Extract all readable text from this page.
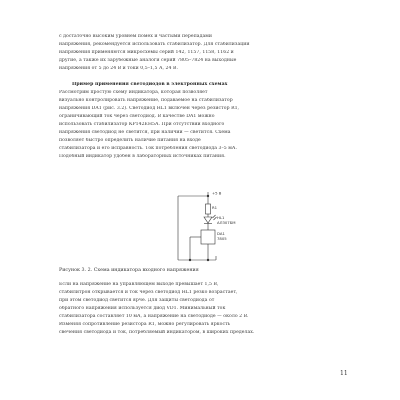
с достаточно высоким уровнем помех и частыми перепадами
напряжения, рекомендуется использовать стабилизатор. Для стабилизации
напряжения применяются микросхемы серий 142, 1157, 1158, 1162 и
другие, а также их зарубежные аналоги серий 7805–7824 на выходные
напряжения от 5 до 24 В и токи 0,5–1,5 А, 24 В.
Пример применения светодиодов в электронных схемах
Рассмотрим простую схему индикатора, которая позволяет
визуально контролировать напряжение, подаваемое на стабилизатор
напряжения DA1 (рис. 3.2). Светодиод HL1 включён через резистор R1,
ограничивающий ток через светодиод. В качестве DA1 можно
использовать стабилизатор КР142ЕН5А. При отсутствии входного
напряжения светодиод не светится, при наличии — светится. Схема
позволяет быстро определить наличие питания на входе
стабилизатора и его исправность. Ток потребления светодиода 3–5 мА.
Подобный индикатор удобен в лабораторных источниках питания.
+5 В
R1
HL1
АЛ307БМ
DA1
7805
Рисунок 3. 2. Схема индикатора входного напряжения
Если на напряжение на управляющем выходе превышает 1,5 В,
стабилитрон открывается и ток через светодиод HL1 резко возрастает,
при этом светодиод светится ярче. Для защиты светодиода от
обратного напряжения используется диод VD1. Минимальный ток
стабилизатора составляет 10 мА, а напряжение на светодиоде — около 2 В.
Изменяя сопротивление резистора R1, можно регулировать яркость
свечения светодиода и ток, потребляемый индикатором, в широких пределах.
11
